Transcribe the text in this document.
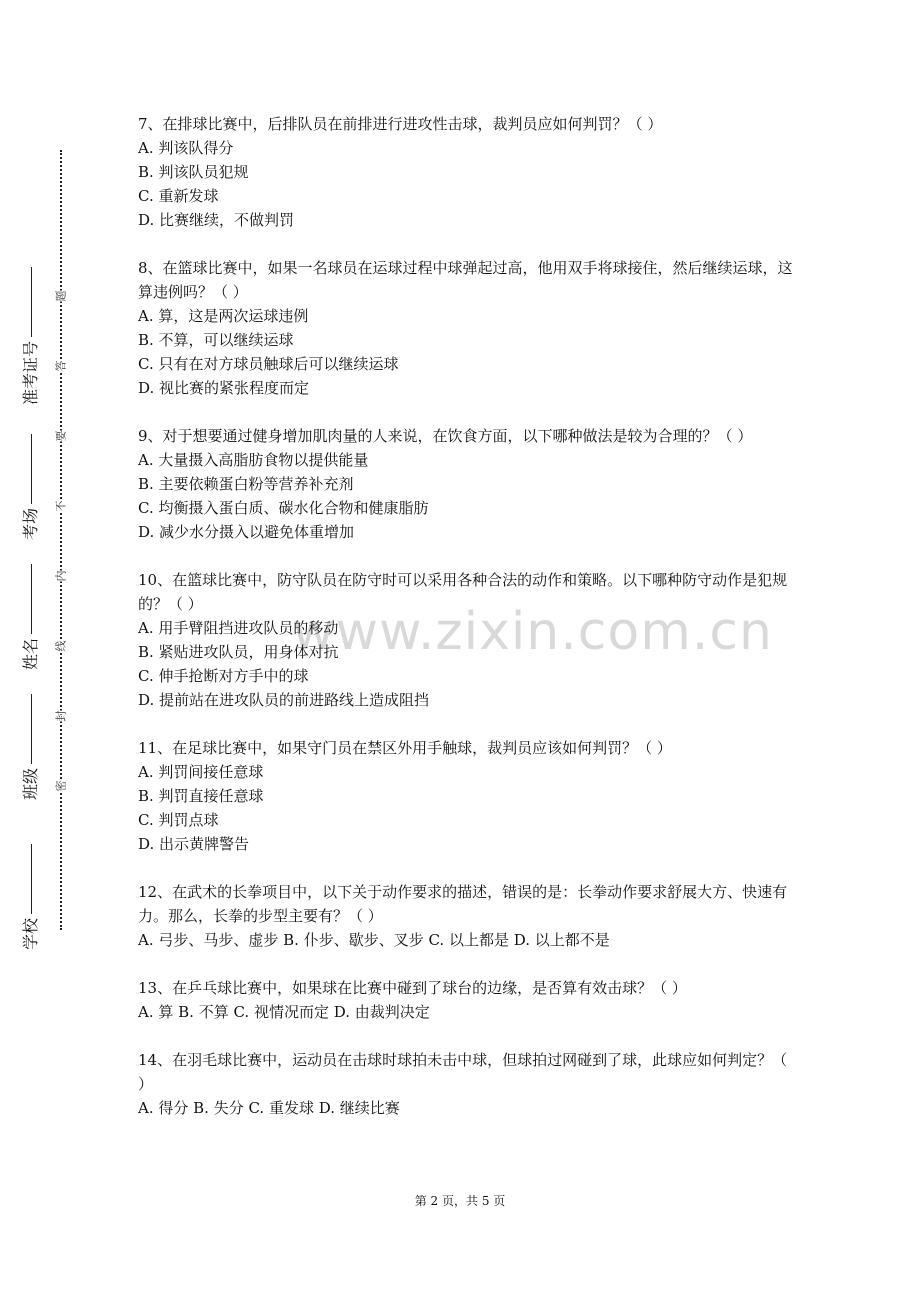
准考证号
考场
姓名
班级
学校
题
答
要
不
内
线
封
密
www.zixin.com.cn

7、在排球比赛中，后排队员在前排进行进攻性击球，裁判员应如何判罚？（ ）

A. 判该队得分

B. 判该队员犯规

C. 重新发球

D. 比赛继续，不做判罚

8、在篮球比赛中，如果一名球员在运球过程中球弹起过高，他用双手将球接住，然后继续运球，这算违例吗？（ ）

A. 算，这是两次运球违例

B. 不算，可以继续运球

C. 只有在对方球员触球后可以继续运球

D. 视比赛的紧张程度而定

9、对于想要通过健身增加肌肉量的人来说，在饮食方面，以下哪种做法是较为合理的？（ ）

A. 大量摄入高脂肪食物以提供能量

B. 主要依赖蛋白粉等营养补充剂

C. 均衡摄入蛋白质、碳水化合物和健康脂肪

D. 减少水分摄入以避免体重增加

10、在篮球比赛中，防守队员在防守时可以采用各种合法的动作和策略。以下哪种防守动作是犯规的？（ ）

A. 用手臂阻挡进攻队员的移动

B. 紧贴进攻队员，用身体对抗

C. 伸手抢断对方手中的球

D. 提前站在进攻队员的前进路线上造成阻挡

11、在足球比赛中，如果守门员在禁区外用手触球，裁判员应该如何判罚？（ ）

A. 判罚间接任意球

B. 判罚直接任意球

C. 判罚点球

D. 出示黄牌警告

12、在武术的长拳项目中，以下关于动作要求的描述，错误的是：长拳动作要求舒展大方、快速有力。那么，长拳的步型主要有？（ ）

A. 弓步、马步、虚步 B. 仆步、歇步、叉步 C. 以上都是 D. 以上都不是

13、在乒乓球比赛中，如果球在比赛中碰到了球台的边缘，是否算有效击球？（ ）

A. 算 B. 不算 C. 视情况而定 D. 由裁判决定

14、在羽毛球比赛中，运动员在击球时球拍未击中球，但球拍过网碰到了球，此球应如何判定？（ ）

A. 得分 B. 失分 C. 重发球 D. 继续比赛

第 2 页，共 5 页
